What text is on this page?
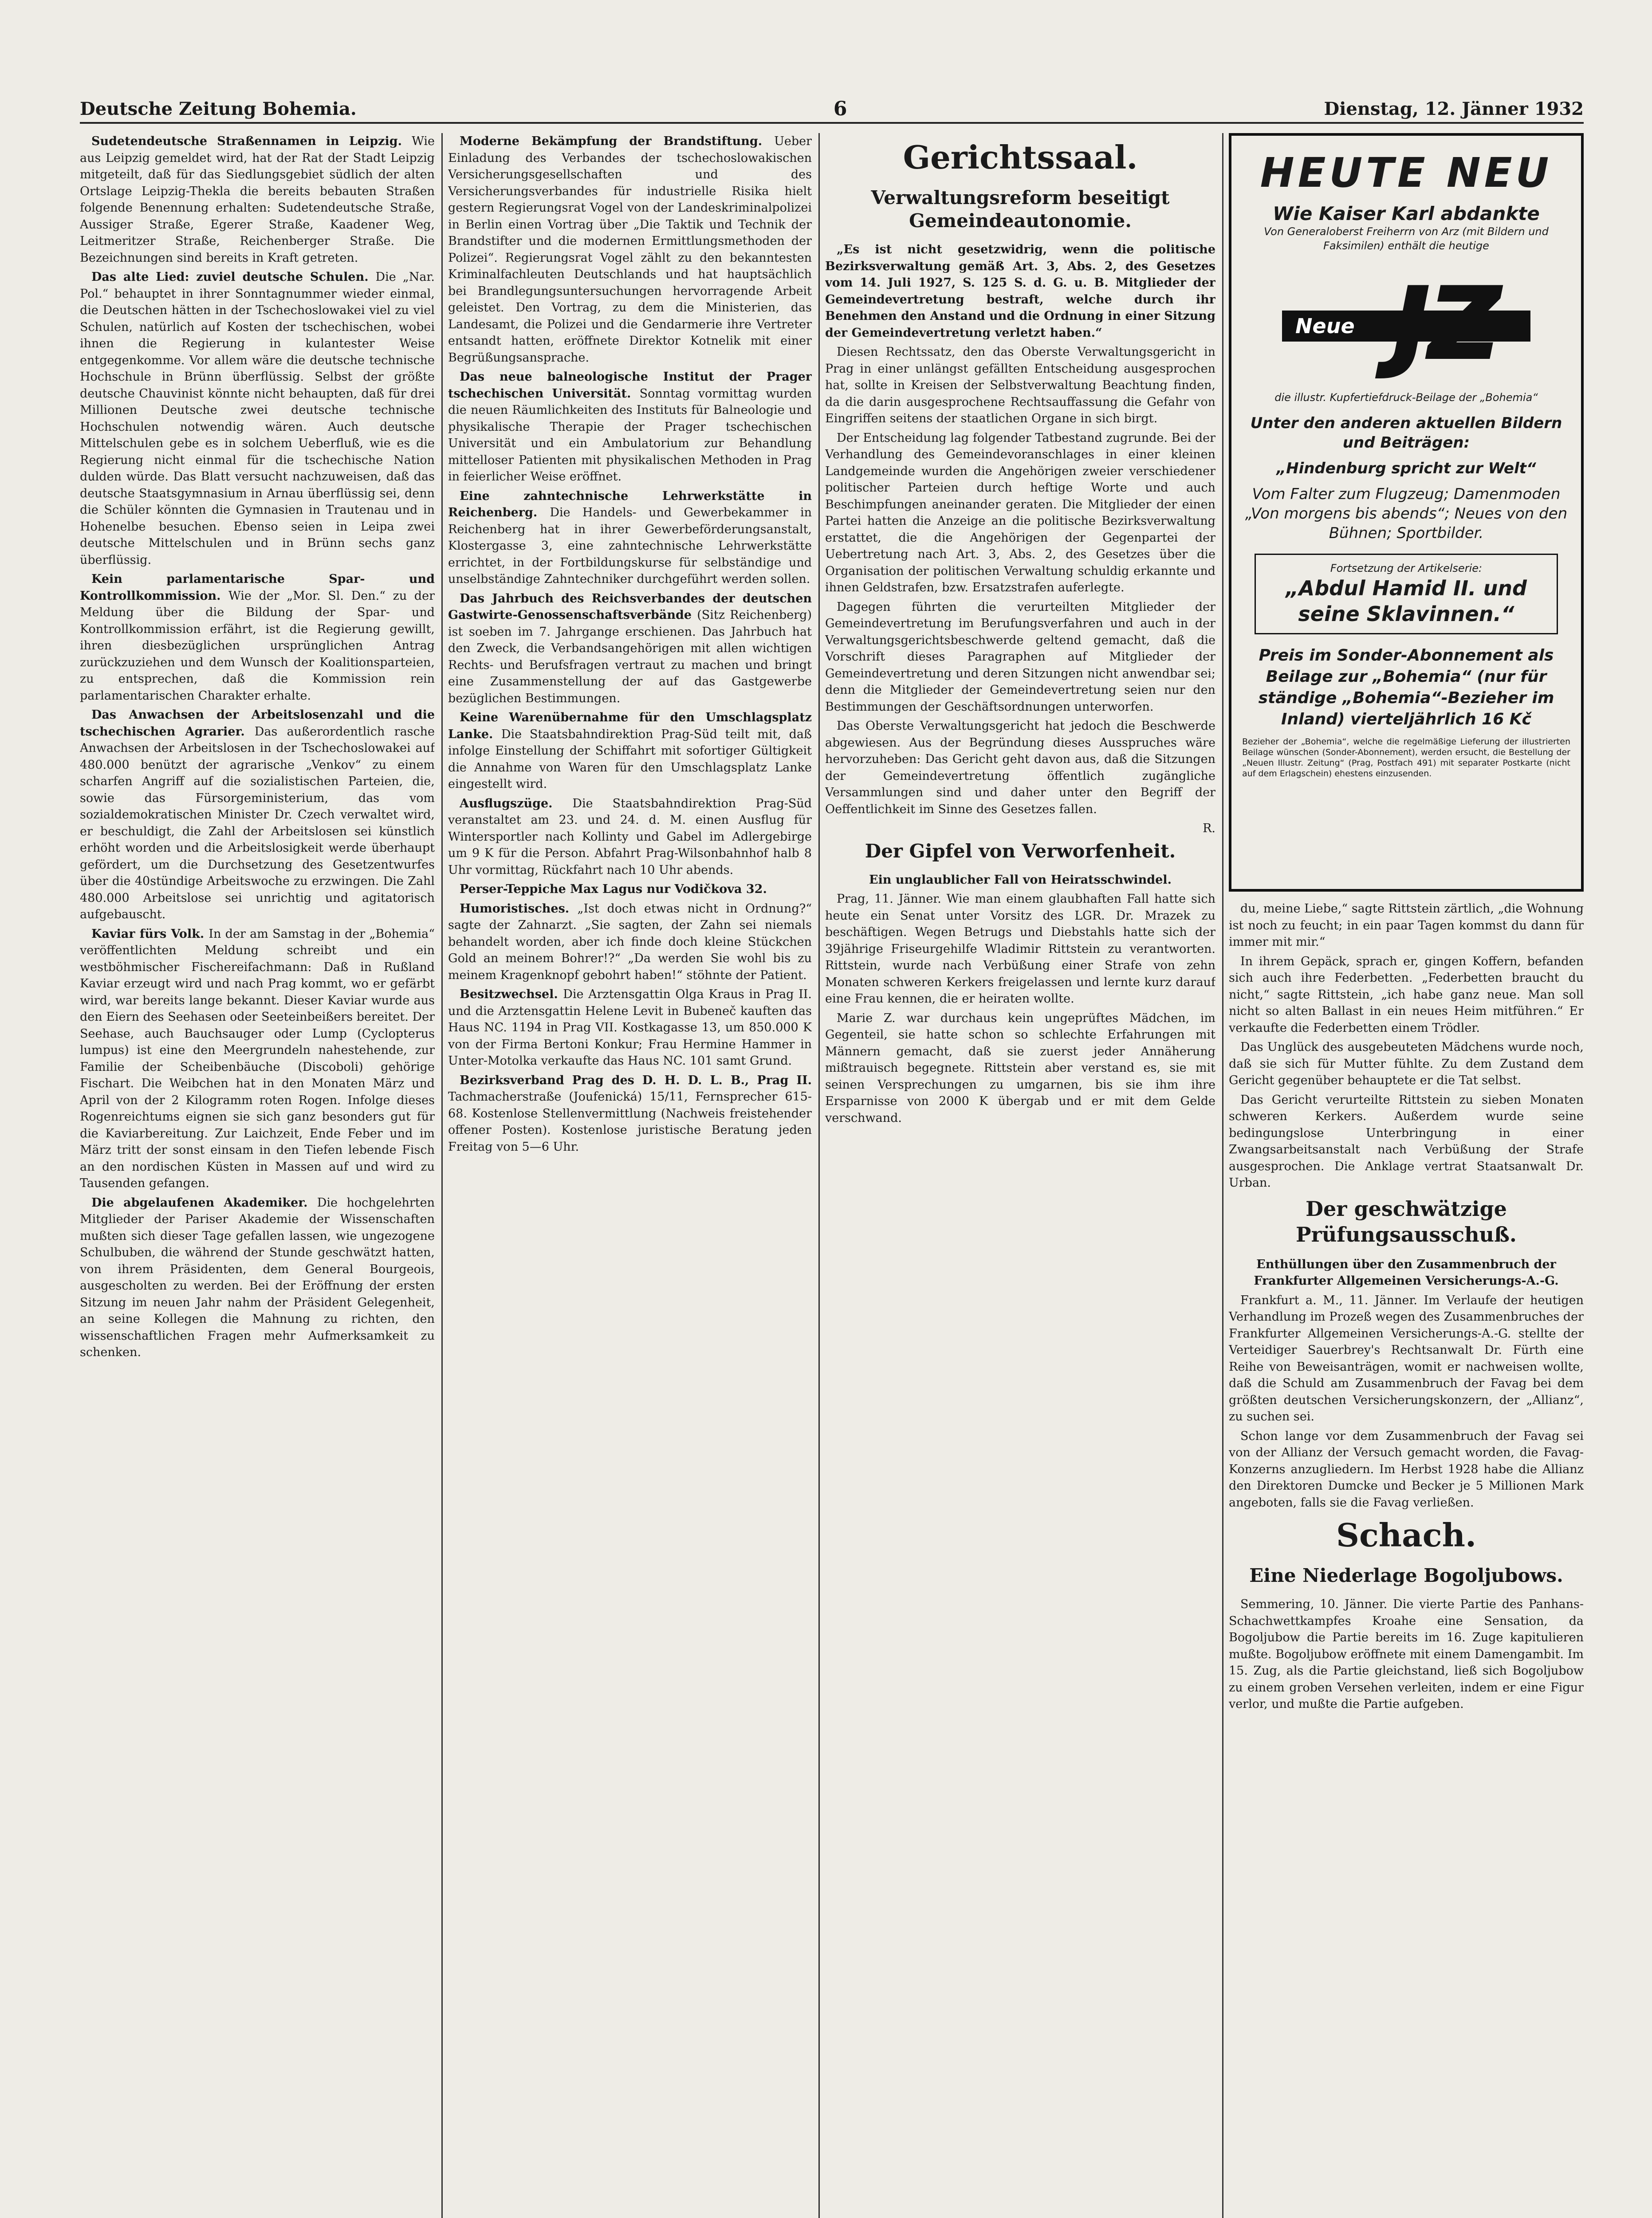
Deutsche Zeitung Bohemia.	6	Dienstag, 12. Jänner 1932

Sudetendeutsche Straßennamen in Leipzig. Wie aus Leipzig gemeldet wird, hat der Rat der Stadt Leipzig mitgeteilt, daß für das Siedlungsgebiet südlich der alten Ortslage Leipzig-Thekla die bereits bebauten Straßen folgende Benennung erhalten: Sudetendeutsche Straße, Aussiger Straße, Egerer Straße, Kaadener Weg, Leitmeritzer Straße, Reichenberger Straße. Die Bezeichnungen sind bereits in Kraft getreten.

Das alte Lied: zuviel deutsche Schulen. Die „Nar. Pol.“ behauptet in ihrer Sonntagnummer wieder einmal, die Deutschen hätten in der Tschechoslowakei viel zu viel Schulen, natürlich auf Kosten der tschechischen, wobei ihnen die Regierung in kulantester Weise entgegenkomme. Vor allem wäre die deutsche technische Hochschule in Brünn überflüssig. Selbst der größte deutsche Chauvinist könnte nicht behaupten, daß für drei Millionen Deutsche zwei deutsche technische Hochschulen notwendig wären. Auch deutsche Mittelschulen gebe es in solchem Ueberfluß, wie es die Regierung nicht einmal für die tschechische Nation dulden würde. Das Blatt versucht nachzuweisen, daß das deutsche Staatsgymnasium in Arnau überflüssig sei, denn die Schüler könnten die Gymnasien in Trautenau und in Hohenelbe besuchen. Ebenso seien in Leipa zwei deutsche Mittelschulen und in Brünn sechs ganz überflüssig.

Kein parlamentarische Spar- und Kontrollkommission. Wie der „Mor. Sl. Den.“ zu der Meldung über die Bildung der Spar- und Kontrollkommission erfährt, ist die Regierung gewillt, ihren diesbezüglichen ursprünglichen Antrag zurückzuziehen und dem Wunsch der Koalitionsparteien, zu entsprechen, daß die Kommission rein parlamentarischen Charakter erhalte.

Das Anwachsen der Arbeitslosenzahl und die tschechischen Agrarier. Das außerordentlich rasche Anwachsen der Arbeitslosen in der Tschechoslowakei auf 480.000 benützt der agrarische „Venkov“ zu einem scharfen Angriff auf die sozialistischen Parteien, die, sowie das Fürsorgeministerium, das vom sozialdemokratischen Minister Dr. Czech verwaltet wird, er beschuldigt, die Zahl der Arbeitslosen sei künstlich erhöht worden und die Arbeitslosigkeit werde überhaupt gefördert, um die Durchsetzung des Gesetzentwurfes über die 40stündige Arbeitswoche zu erzwingen. Die Zahl 480.000 Arbeitslose sei unrichtig und agitatorisch aufgebauscht.

Kaviar fürs Volk. In der am Samstag in der „Bohemia“ veröffentlichten Meldung schreibt und ein westböhmischer Fischereifachmann: Daß in Rußland Kaviar erzeugt wird und nach Prag kommt, wo er gefärbt wird, war bereits lange bekannt. Dieser Kaviar wurde aus den Eiern des Seehasen oder Seeteinbeißers bereitet. Der Seehase, auch Bauchsauger oder Lump (Cyclopterus lumpus) ist eine den Meergrundeln nahestehende, zur Familie der Scheibenbäuche (Discoboli) gehörige Fischart. Die Weibchen hat in den Monaten März und April von der 2 Kilogramm roten Rogen. Infolge dieses Rogenreichtums eignen sie sich ganz besonders gut für die Kaviarbereitung. Zur Laichzeit, Ende Feber und im März tritt der sonst einsam in den Tiefen lebende Fisch an den nordischen Küsten in Massen auf und wird zu Tausenden gefangen.

Die abgelaufenen Akademiker. Die hochgelehrten Mitglieder der Pariser Akademie der Wissenschaften mußten sich dieser Tage gefallen lassen, wie ungezogene Schulbuben, die während der Stunde geschwätzt hatten, von ihrem Präsidenten, dem General Bourgeois, ausgescholten zu werden. Bei der Eröffnung der ersten Sitzung im neuen Jahr nahm der Präsident Gelegenheit, an seine Kollegen die Mahnung zu richten, den wissenschaftlichen Fragen mehr Aufmerksamkeit zu schenken.

Moderne Bekämpfung der Brandstiftung. Ueber Einladung des Verbandes der tschechoslowakischen Versicherungsgesellschaften und des Versicherungsverbandes für industrielle Risika hielt gestern Regierungsrat Vogel von der Landeskriminalpolizei in Berlin einen Vortrag über „Die Taktik und Technik der Brandstifter und die modernen Ermittlungsmethoden der Polizei“. Regierungsrat Vogel zählt zu den bekanntesten Kriminalfachleuten Deutschlands und hat hauptsächlich bei Brandlegungsuntersuchungen hervorragende Arbeit geleistet. Den Vortrag, zu dem die Ministerien, das Landesamt, die Polizei und die Gendarmerie ihre Vertreter entsandt hatten, eröffnete Direktor Kotnelik mit einer Begrüßungsansprache.

Das neue balneologische Institut der Prager tschechischen Universität. Sonntag vormittag wurden die neuen Räumlichkeiten des Instituts für Balneologie und physikalische Therapie der Prager tschechischen Universität und ein Ambulatorium zur Behandlung mittelloser Patienten mit physikalischen Methoden in Prag in feierlicher Weise eröffnet.

Eine zahntechnische Lehrwerkstätte in Reichenberg. Die Handels- und Gewerbekammer in Reichenberg hat in ihrer Gewerbeförderungsanstalt, Klostergasse 3, eine zahntechnische Lehrwerkstätte errichtet, in der Fortbildungskurse für selbständige und unselbständige Zahntechniker durchgeführt werden sollen.

Das Jahrbuch des Reichsverbandes der deutschen Gastwirte-Genossenschaftsverbände (Sitz Reichenberg) ist soeben im 7. Jahrgange erschienen. Das Jahrbuch hat den Zweck, die Verbandsangehörigen mit allen wichtigen Rechts- und Berufsfragen vertraut zu machen und bringt eine Zusammenstellung der auf das Gastgewerbe bezüglichen Bestimmungen.

Keine Warenübernahme für den Umschlagsplatz Lanke. Die Staatsbahndirektion Prag-Süd teilt mit, daß infolge Einstellung der Schiffahrt mit sofortiger Gültigkeit die Annahme von Waren für den Umschlagsplatz Lanke eingestellt wird.

Ausflugszüge. Die Staatsbahndirektion Prag-Süd veranstaltet am 23. und 24. d. M. einen Ausflug für Wintersportler nach Kollinty und Gabel im Adlergebirge um 9 K für die Person. Abfahrt Prag-Wilsonbahnhof halb 8 Uhr vormittag, Rückfahrt nach 10 Uhr abends.

Perser-Teppiche Max Lagus nur Vodičkova 32.

Humoristisches. „Ist doch etwas nicht in Ordnung?“ sagte der Zahnarzt. „Sie sagten, der Zahn sei niemals behandelt worden, aber ich finde doch kleine Stückchen Gold an meinem Bohrer!?“ „Da werden Sie wohl bis zu meinem Kragenknopf gebohrt haben!“ stöhnte der Patient.

Besitzwechsel. Die Arztensgattin Olga Kraus in Prag II. und die Arztensgattin Helene Levit in Bubeneč kauften das Haus NC. 1194 in Prag VII. Kostkagasse 13, um 850.000 K von der Firma Bertoni Konkur; Frau Hermine Hammer in Unter-Motolka verkaufte das Haus NC. 101 samt Grund.

Bezirksverband Prag des D. H. D. L. B., Prag II. Tachmacherstraße (Joufenická) 15/11, Fernsprecher 615-68. Kostenlose Stellenvermittlung (Nachweis freistehender offener Posten). Kostenlose juristische Beratung jeden Freitag von 5—6 Uhr.

Gerichtssaal.
Verwaltungsreform beseitigt Gemeindeautonomie.

„Es ist nicht gesetzwidrig, wenn die politische Bezirksverwaltung gemäß Art. 3, Abs. 2, des Gesetzes vom 14. Juli 1927, S. 125 S. d. G. u. B. Mitglieder der Gemeindevertretung bestraft, welche durch ihr Benehmen den Anstand und die Ordnung in einer Sitzung der Gemeindevertretung verletzt haben.“

Diesen Rechtssatz, den das Oberste Verwaltungsgericht in Prag in einer unlängst gefällten Entscheidung ausgesprochen hat, sollte in Kreisen der Selbstverwaltung Beachtung finden, da die darin ausgesprochene Rechtsauffassung die Gefahr von Eingriffen seitens der staatlichen Organe in sich birgt.

Der Entscheidung lag folgender Tatbestand zugrunde. Bei der Verhandlung des Gemeindevoranschlages in einer kleinen Landgemeinde wurden die Angehörigen zweier verschiedener politischer Parteien durch heftige Worte und auch Beschimpfungen aneinander geraten. Die Mitglieder der einen Partei hatten die Anzeige an die politische Bezirksverwaltung erstattet, die die Angehörigen der Gegenpartei der Uebertretung nach Art. 3, Abs. 2, des Gesetzes über die Organisation der politischen Verwaltung schuldig erkannte und ihnen Geldstrafen, bzw. Ersatzstrafen auferlegte.

Dagegen führten die verurteilten Mitglieder der Gemeindevertretung im Berufungsverfahren und auch in der Verwaltungsgerichtsbeschwerde geltend gemacht, daß die Vorschrift dieses Paragraphen auf Mitglieder der Gemeindevertretung und deren Sitzungen nicht anwendbar sei; denn die Mitglieder der Gemeindevertretung seien nur den Bestimmungen der Geschäftsordnungen unterworfen.

Das Oberste Verwaltungsgericht hat jedoch die Beschwerde abgewiesen. Aus der Begründung dieses Ausspruches wäre hervorzuheben: Das Gericht geht davon aus, daß die Sitzungen der Gemeindevertretung öffentlich zugängliche Versammlungen sind und daher unter den Begriff der Oeffentlichkeit im Sinne des Gesetzes fallen.

R.
Der Gipfel von Verworfenheit.

Ein unglaublicher Fall von Heiratsschwindel.

Prag, 11. Jänner. Wie man einem glaubhaften Fall hatte sich heute ein Senat unter Vorsitz des LGR. Dr. Mrazek zu beschäftigen. Wegen Betrugs und Diebstahls hatte sich der 39jährige Friseurgehilfe Wladimir Rittstein zu verantworten. Rittstein, wurde nach Verbüßung einer Strafe von zehn Monaten schweren Kerkers freigelassen und lernte kurz darauf eine Frau kennen, die er heiraten wollte.

Marie Z. war durchaus kein ungeprüftes Mädchen, im Gegenteil, sie hatte schon so schlechte Erfahrungen mit Männern gemacht, daß sie zuerst jeder Annäherung mißtrauisch begegnete. Rittstein aber verstand es, sie mit seinen Versprechungen zu umgarnen, bis sie ihm ihre Ersparnisse von 2000 K übergab und er mit dem Gelde verschwand.

HEUTE NEU
Wie Kaiser Karl abdankte
Von Generaloberst Freiherrn von Arz (mit Bildern und Faksimilen) enthält die heutige
Neue JZ
die illustr. Kupfertiefdruck-Beilage der „Bohemia“
Unter den anderen aktuellen Bildern und Beiträgen:
„Hindenburg spricht zur Welt“
Vom Falter zum Flugzeug; Damenmoden „Von morgens bis abends“; Neues von den Bühnen; Sportbilder.
Fortsetzung der Artikelserie:
„Abdul Hamid II. und seine Sklavinnen.“
Preis im Sonder-Abonnement als Beilage zur „Bohemia“ (nur für ständige „Bohemia“-Bezieher im Inland) vierteljährlich 16 Kč
Bezieher der „Bohemia“, welche die regelmäßige Lieferung der illustrierten Beilage wünschen (Sonder-Abonnement), werden ersucht, die Bestellung der „Neuen Illustr. Zeitung“ (Prag, Postfach 491) mit separater Postkarte (nicht auf dem Erlagschein) ehestens einzusenden.

du, meine Liebe,“ sagte Rittstein zärtlich, „die Wohnung ist noch zu feucht; in ein paar Tagen kommst du dann für immer mit mir.“

In ihrem Gepäck, sprach er, gingen Koffern, befanden sich auch ihre Federbetten. „Federbetten braucht du nicht,“ sagte Rittstein, „ich habe ganz neue. Man soll nicht so alten Ballast in ein neues Heim mitführen.“ Er verkaufte die Federbetten einem Trödler.

Das Unglück des ausgebeuteten Mädchens wurde noch, daß sie sich für Mutter fühlte. Zu dem Zustand dem Gericht gegenüber behauptete er die Tat selbst.

Das Gericht verurteilte Rittstein zu sieben Monaten schweren Kerkers. Außerdem wurde seine bedingungslose Unterbringung in einer Zwangsarbeitsanstalt nach Verbüßung der Strafe ausgesprochen. Die Anklage vertrat Staatsanwalt Dr. Urban.

Der geschwätzige Prüfungsausschuß.

Enthüllungen über den Zusammenbruch der Frankfurter Allgemeinen Versicherungs-A.-G.

Frankfurt a. M., 11. Jänner. Im Verlaufe der heutigen Verhandlung im Prozeß wegen des Zusammenbruches der Frankfurter Allgemeinen Versicherungs-A.-G. stellte der Verteidiger Sauerbrey's Rechtsanwalt Dr. Fürth eine Reihe von Beweisanträgen, womit er nachweisen wollte, daß die Schuld am Zusammenbruch der Favag bei dem größten deutschen Versicherungskonzern, der „Allianz“, zu suchen sei.

Schon lange vor dem Zusammenbruch der Favag sei von der Allianz der Versuch gemacht worden, die Favag-Konzerns anzugliedern. Im Herbst 1928 habe die Allianz den Direktoren Dumcke und Becker je 5 Millionen Mark angeboten, falls sie die Favag verließen.

Schach.
Eine Niederlage Bogoljubows.

Semmering, 10. Jänner. Die vierte Partie des Panhans-Schachwettkampfes Kroahe eine Sensation, da Bogoljubow die Partie bereits im 16. Zuge kapitulieren mußte. Bogoljubow eröffnete mit einem Damengambit. Im 15. Zug, als die Partie gleichstand, ließ sich Bogoljubow zu einem groben Versehen verleiten, indem er eine Figur verlor, und mußte die Partie aufgeben.
